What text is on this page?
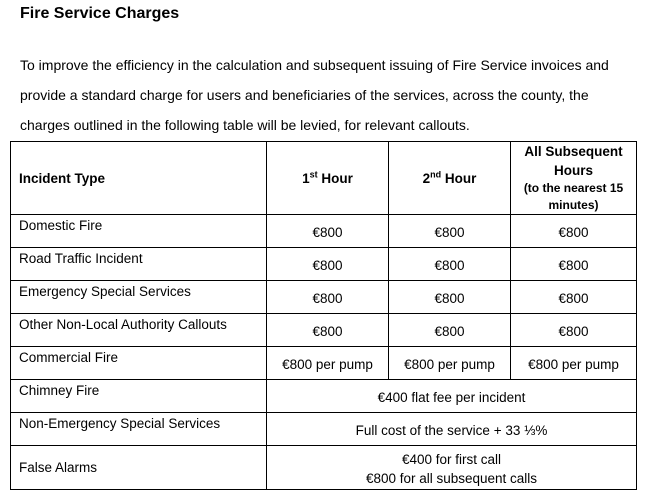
Fire Service Charges
To improve the efficiency in the calculation and subsequent issuing of Fire Service invoices and provide a standard charge for users and beneficiaries of the services, across the county, the charges outlined in the following table will be levied, for relevant callouts.
Incident Type	1st Hour	2nd Hour	All Subsequent Hours
(to the nearest 15 minutes)

Domestic Fire	€800	€800	€800
Road Traffic Incident	€800	€800	€800
Emergency Special Services	€800	€800	€800
Other Non-Local Authority Callouts	€800	€800	€800
Commercial Fire	€800 per pump	€800 per pump	€800 per pump
Chimney Fire	€400 flat fee per incident		
Non-Emergency Special Services	Full cost of the service + 33 ⅓%		
False Alarms	€400 for first call
€800 for all subsequent calls		
